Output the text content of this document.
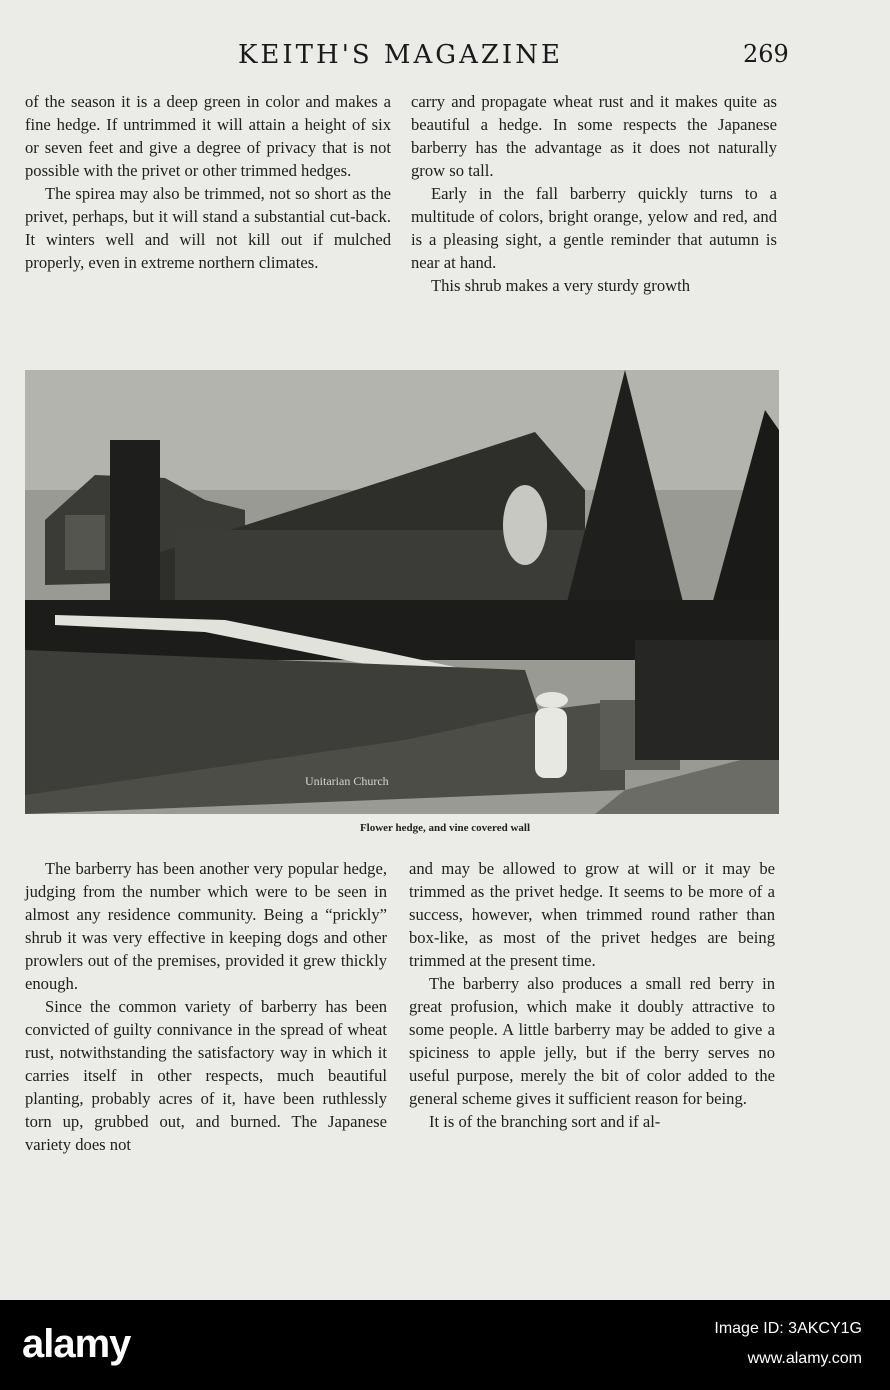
KEITH'S MAGAZINE	269

of the season it is a deep green in color and makes a fine hedge. If untrimmed it will attain a height of six or seven feet and give a degree of privacy that is not possible with the privet or other trimmed hedges.

The spirea may also be trimmed, not so short as the privet, perhaps, but it will stand a substantial cut-back. It winters well and will not kill out if mulched properly, even in extreme northern climates.

carry and propagate wheat rust and it makes quite as beautiful a hedge. In some respects the Japanese barberry has the advantage as it does not naturally grow so tall.

Early in the fall barberry quickly turns to a multitude of colors, bright orange, yelow and red, and is a pleasing sight, a gentle reminder that autumn is near at hand.

This shrub makes a very sturdy growth

Unitarian Church
Flower hedge, and vine covered wall

The barberry has been another very popular hedge, judging from the number which were to be seen in almost any residence community. Being a “prickly” shrub it was very effective in keeping dogs and other prowlers out of the premises, provided it grew thickly enough.

Since the common variety of barberry has been convicted of guilty connivance in the spread of wheat rust, notwithstanding the satisfactory way in which it carries itself in other respects, much beautiful planting, probably acres of it, have been ruthlessly torn up, grubbed out, and burned. The Japanese variety does not

and may be allowed to grow at will or it may be trimmed as the privet hedge. It seems to be more of a success, however, when trimmed round rather than box-like, as most of the privet hedges are being trimmed at the present time.

The barberry also produces a small red berry in great profusion, which make it doubly attractive to some people. A little barberry may be added to give a spiciness to apple jelly, but if the berry serves no useful purpose, merely the bit of color added to the general scheme gives it sufficient reason for being.

It is of the branching sort and if al-

alamy	Image ID: 3AKCY1G
www.alamy.com
